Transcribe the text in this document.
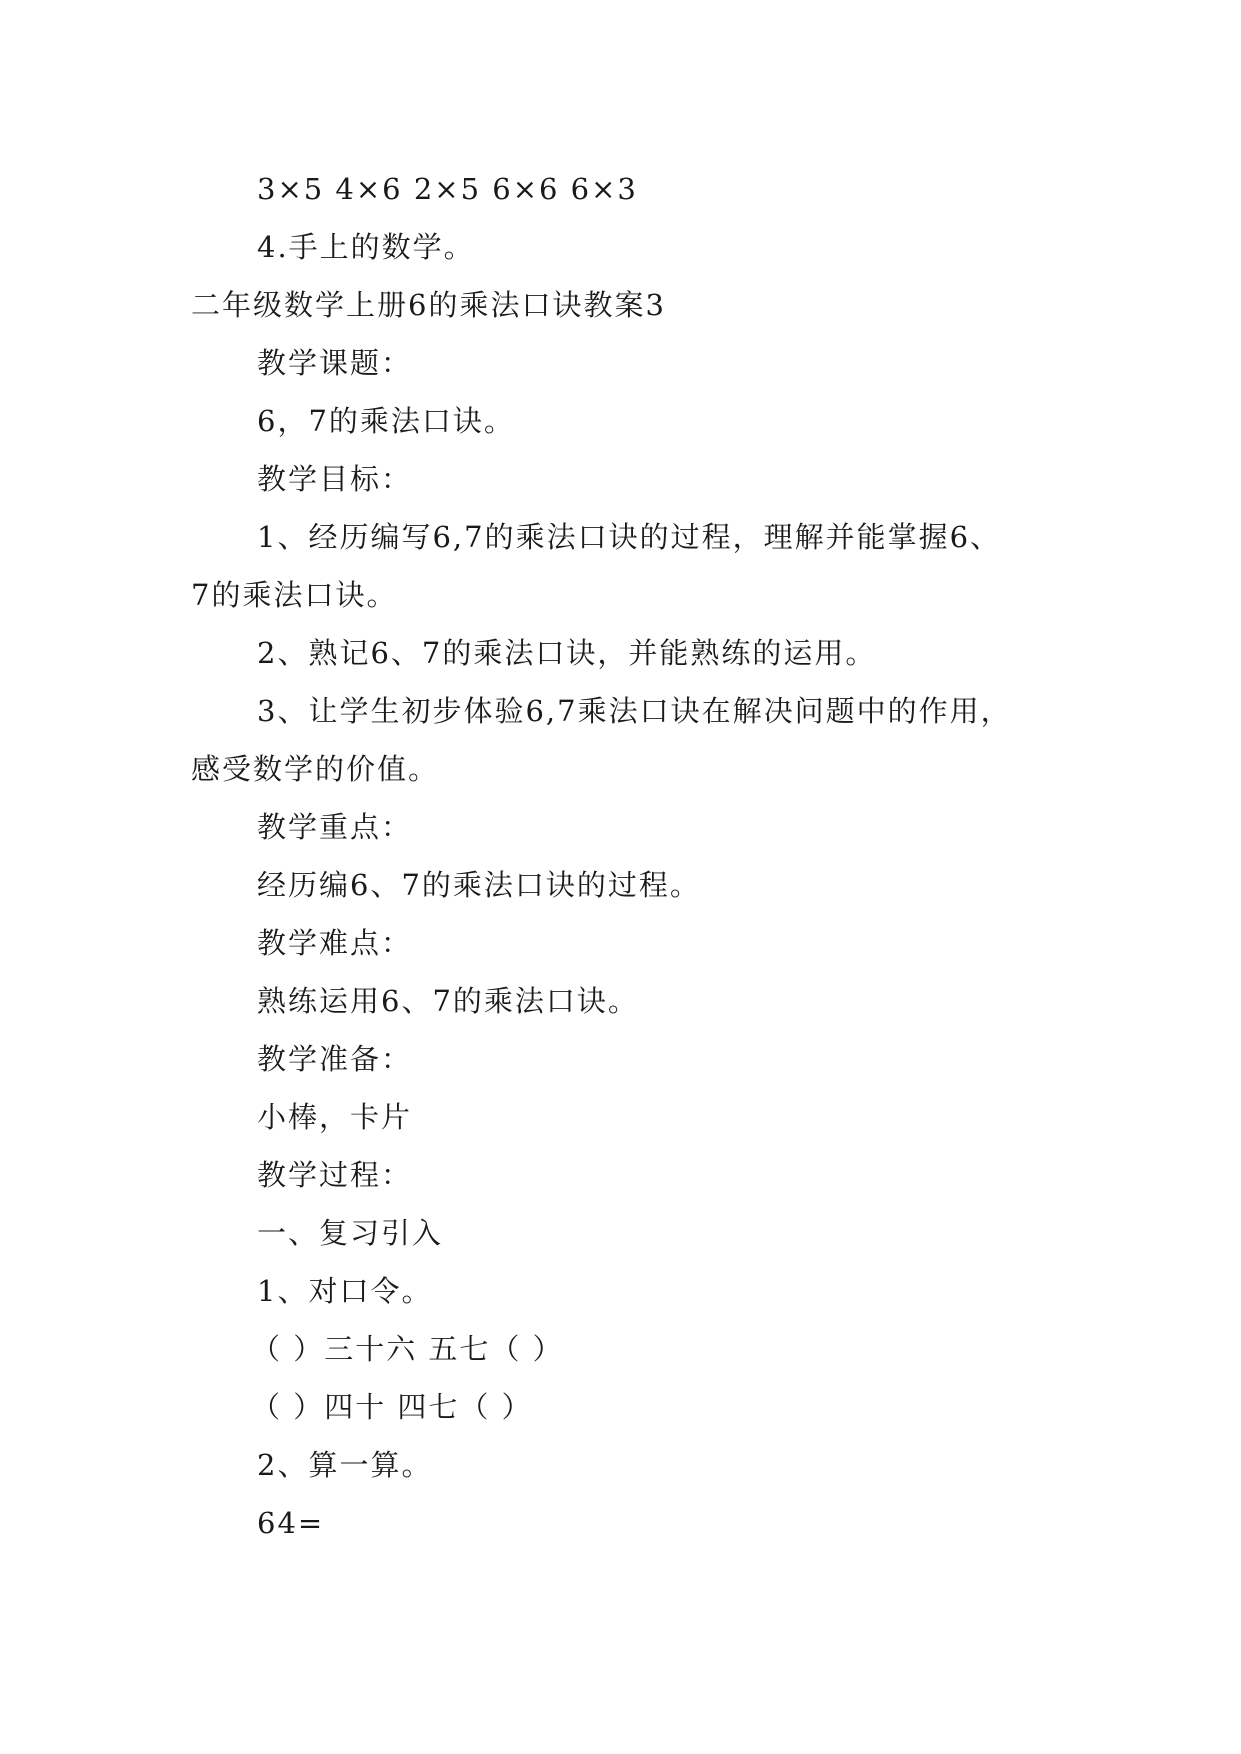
3×5 4×6 2×5 6×6 6×3
4.手上的数学。
二年级数学上册6的乘法口诀教案3
教学课题：
6，7的乘法口诀。
教学目标：
1、经历编写6,7的乘法口诀的过程，理解并能掌握6、
7的乘法口诀。
2、熟记6、7的乘法口诀，并能熟练的运用。
3、让学生初步体验6,7乘法口诀在解决问题中的作用，
感受数学的价值。
教学重点：
经历编6、7的乘法口诀的过程。
教学难点：
熟练运用6、7的乘法口诀。
教学准备：
小棒，卡片
教学过程：
一、复习引入
1、对口令。
（ ）三十六 五七（ ）
（ ）四十 四七（ ）
2、算一算。
64=
